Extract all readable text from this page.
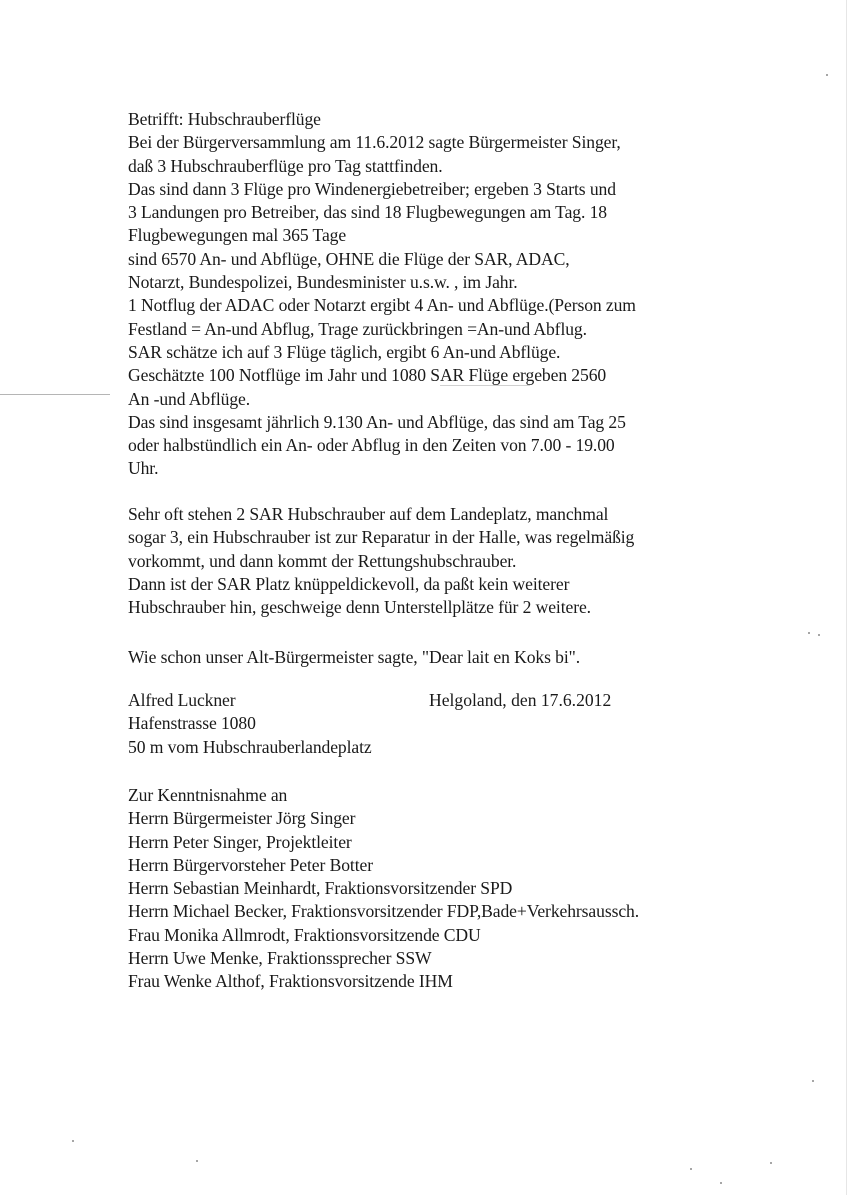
Betrifft: Hubschrauberflüge
Bei der Bürgerversammlung am 11.6.2012 sagte Bürgermeister Singer,
daß 3 Hubschrauberflüge pro Tag stattfinden.
Das sind dann 3 Flüge pro Windenergiebetreiber; ergeben 3 Starts und
3 Landungen pro Betreiber, das sind 18 Flugbewegungen am Tag. 18
Flugbewegungen mal 365 Tage
sind 6570 An- und Abflüge, OHNE die Flüge der SAR, ADAC,
Notarzt, Bundespolizei, Bundesminister u.s.w. , im Jahr.
1 Notflug der ADAC oder Notarzt ergibt 4 An- und Abflüge.(Person zum
Festland = An-und Abflug, Trage zurückbringen =An-und Abflug.
SAR schätze ich auf 3 Flüge täglich, ergibt 6 An-und Abflüge.
Geschätzte 100 Notflüge im Jahr und 1080 SAR Flüge ergeben 2560
An -und Abflüge.
Das sind insgesamt jährlich 9.130 An- und Abflüge, das sind am Tag 25
oder halbstündlich ein An- oder Abflug in den Zeiten von 7.00 - 19.00
Uhr.
Sehr oft stehen 2 SAR Hubschrauber auf dem Landeplatz, manchmal
sogar 3, ein Hubschrauber ist zur Reparatur in der Halle, was regelmäßig
vorkommt, und dann kommt der Rettungshubschrauber.
Dann ist der SAR Platz knüppeldickevoll, da paßt kein weiterer
Hubschrauber hin, geschweige denn Unterstellplätze für 2 weitere.
Wie schon unser Alt-Bürgermeister sagte, "Dear lait en Koks bi".
Alfred Luckner
Hafenstrasse 1080
50 m vom Hubschrauberlandeplatz
Helgoland, den 17.6.2012
Zur Kenntnisnahme an
Herrn Bürgermeister Jörg Singer
Herrn Peter Singer, Projektleiter
Herrn Bürgervorsteher Peter Botter
Herrn Sebastian Meinhardt, Fraktionsvorsitzender SPD
Herrn Michael Becker, Fraktionsvorsitzender FDP,Bade+Verkehrsaussch.
Frau Monika Allmrodt, Fraktionsvorsitzende CDU
Herrn Uwe Menke, Fraktionssprecher SSW
Frau Wenke Althof, Fraktionsvorsitzende IHM
